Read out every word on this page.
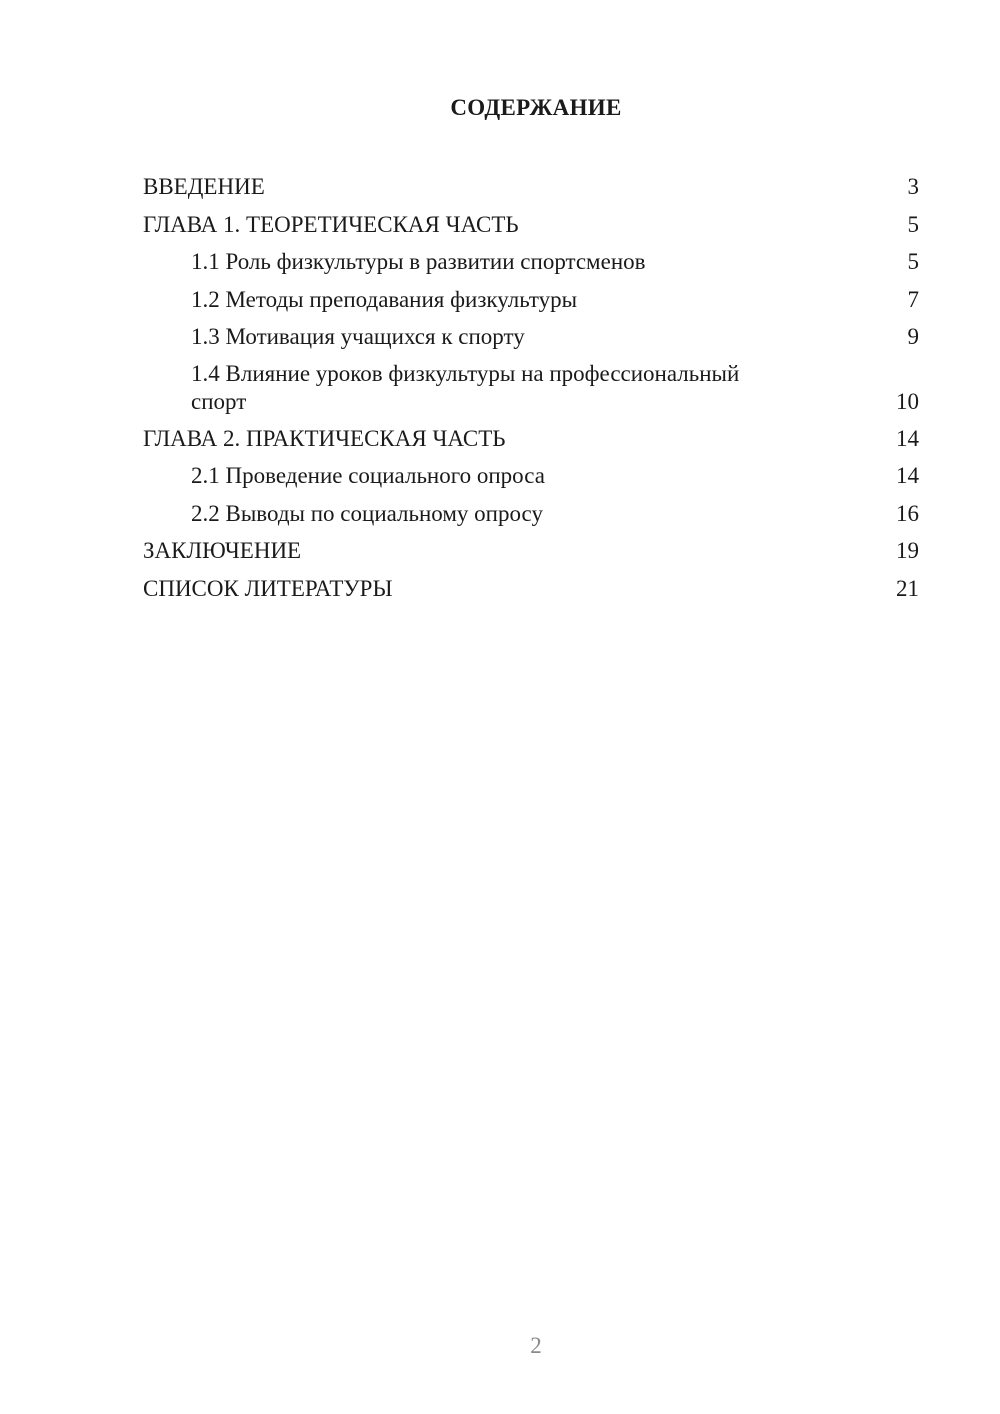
СОДЕРЖАНИЕ
ВВЕДЕНИЕ	3
ГЛАВА 1. ТЕОРЕТИЧЕСКАЯ ЧАСТЬ	5
1.1 Роль физкультуры в развитии спортсменов	5
1.2 Методы преподавания физкультуры	7
1.3 Мотивация учащихся к спорту	9
1.4 Влияние уроков физкультуры на профессиональный спорт	10
ГЛАВА 2. ПРАКТИЧЕСКАЯ ЧАСТЬ	14
2.1 Проведение социального опроса	14
2.2 Выводы по социальному опросу	16
ЗАКЛЮЧЕНИЕ	19
СПИСОК ЛИТЕРАТУРЫ	21
2
